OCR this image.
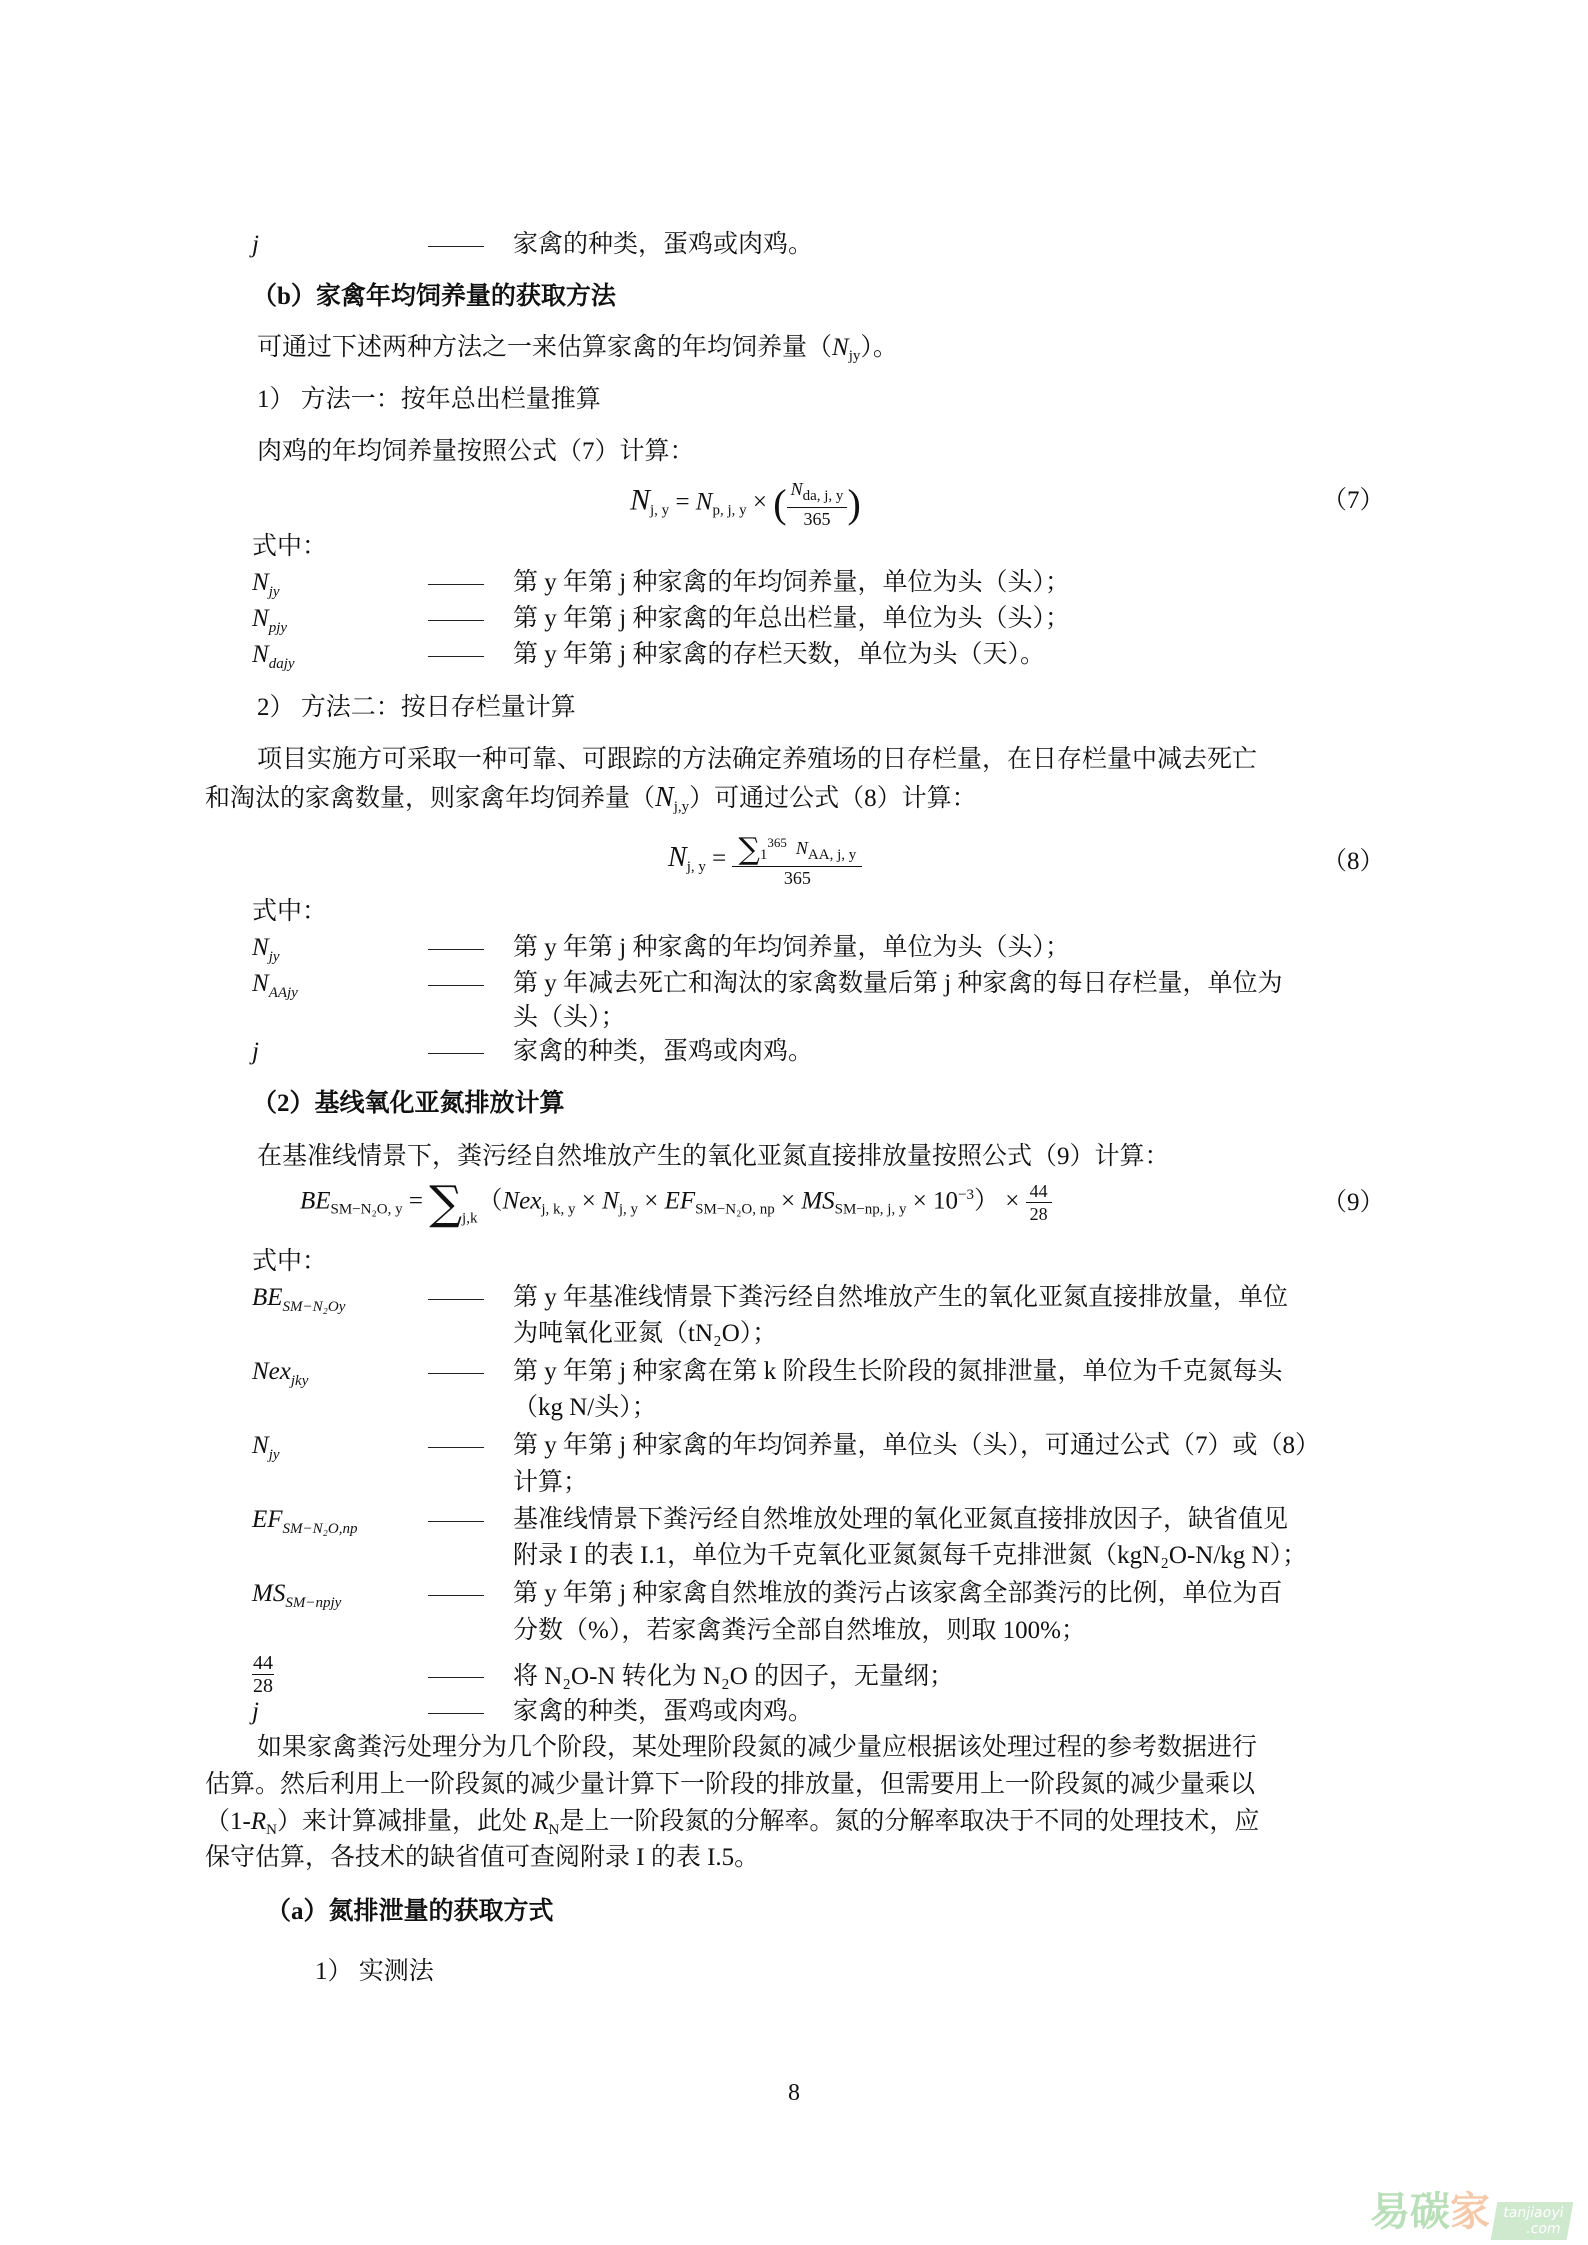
j	家禽的种类，蛋鸡或肉鸡。
（b）家禽年均饲养量的获取方法
可通过下述两种方法之一来估算家禽的年均饲养量$(N_{jy})$。
1） 方法一：按年总出栏量推算
肉鸡的年均饲养量按照公式（7）计算：
$N_{j, y} = N_{p, j, y}$ × ( $\frac{N_{da, j, y}}{365}$ )	（7）
式中：
$N_{jy}$	第 y 年第 j 种家禽的年均饲养量，单位为头（头）；
$N_{pjy}$	第 y 年第 j 种家禽的年总出栏量，单位为头（头）；
$N_{dajy}$	第 y 年第 j 种家禽的存栏天数，单位为头（天）。
2） 方法二：按日存栏量计算
项目实施方可采取一种可靠、可跟踪的方法确定养殖场的日存栏量，在日存栏量中减去死亡
和淘汰的家禽数量，则家禽年均饲养量$(N_{j,y})$可通过公式（8）计算：
$N_{j, y} = \frac{\sum_1^{365} N_{AA, j, y}}{365}$	（8）
式中：
$N_{jy}$	第 y 年第 j 种家禽的年均饲养量，单位为头（头）；
$N_{AAjy}$	第 y 年减去死亡和淘汰的家禽数量后第 j 种家禽的每日存栏量，单位为
头（头）；
j	家禽的种类，蛋鸡或肉鸡。
（2）基线氧化亚氮排放计算
在基准线情景下，粪污经自然堆放产生的氧化亚氮直接排放量按照公式（9）计算：
$BE_{SM-N_2O, y} = \sum_{j,k}(Nex_{j, k, y} \times N_{j, y} \times EF_{SM-N_2O, np} \times MS_{SM-np, j, y} \times 10^{-3}) \times \frac{44}{28}$	（9）
式中：
$BE_{SM-N_2Oy}$	第 y 年基准线情景下粪污经自然堆放产生的氧化亚氮直接排放量，单位
为吨氧化亚氮（tN₂O）；
Nex$_{jky}$	第 y 年第 j 种家禽在第 k 阶段生长阶段的氮排泄量，单位为千克氮每头
（kg N/头）；
$N_{jy}$	第 y 年第 j 种家禽的年均饲养量，单位头（头），可通过公式（7）或（8）
计算；
$EF_{SM-N_2O,np}$	基准线情景下粪污经自然堆放处理的氧化亚氮直接排放因子，缺省值见
附录 I 的表 I.1，单位为千克氧化亚氮氮每千克排泄氮（kgN₂O-N/kg N）；
$MS_{SM-npjy}$	第 y 年第 j 种家禽自然堆放的粪污占该家禽全部粪污的比例，单位为百
分数（%），若家禽粪污全部自然堆放，则取 100%；
$\frac{44}{28}$	将 N₂O-N 转化为 N₂O 的因子，无量纲；
j	家禽的种类，蛋鸡或肉鸡。
如果家禽粪污处理分为几个阶段，某处理阶段氮的减少量应根据该处理过程的参考数据进行
估算。然后利用上一阶段氮的减少量计算下一阶段的排放量，但需要用上一阶段氮的减少量乘以
$(1-R_N)$来计算减排量，此处 $R_N$是上一阶段氮的分解率。氮的分解率取决于不同的处理技术，应
保守估算，各技术的缺省值可查阅附录 I 的表 I.5。
（a）氮排泄量的获取方式
1） 实测法
8
易碳家 tanjiaoyi
.com
